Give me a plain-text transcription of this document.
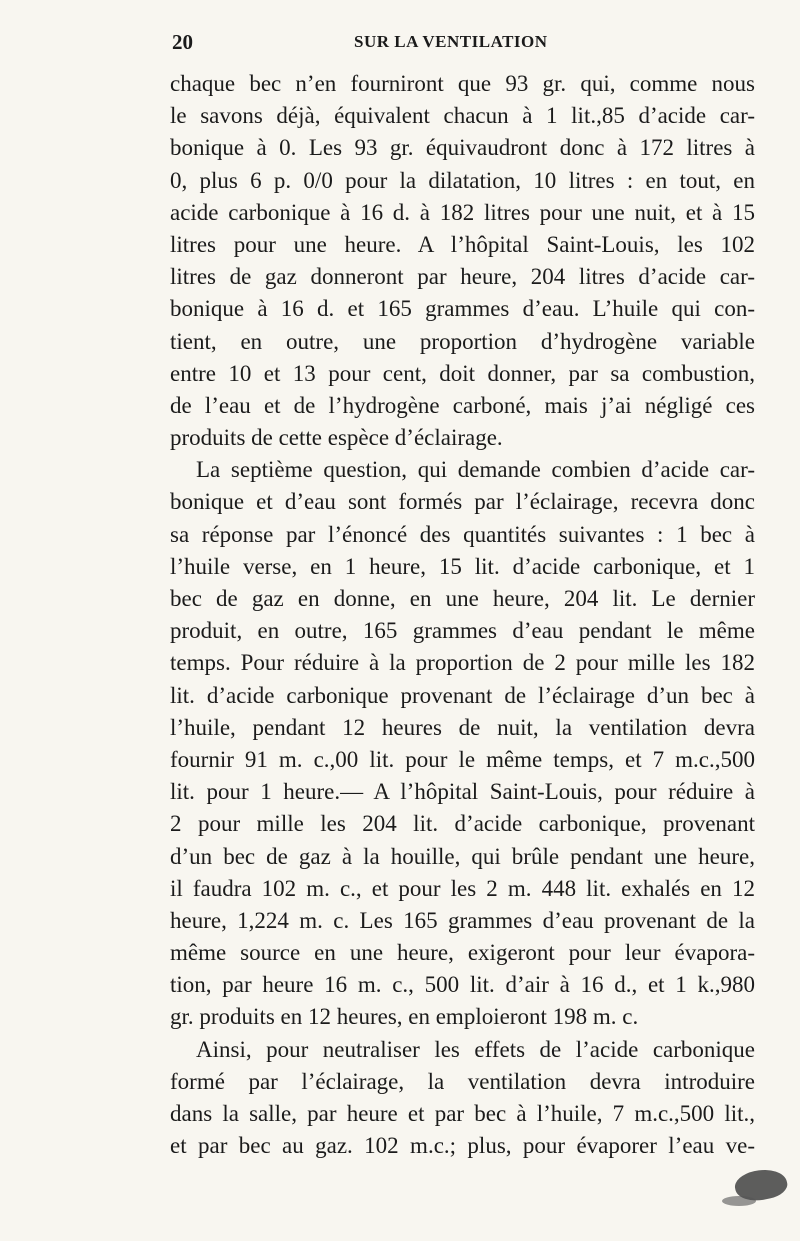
20	SUR LA VENTILATION
chaque bec n’en fourniront que 93 gr. qui, comme nous
le savons déjà, équivalent chacun à 1 lit.,85 d’acide car-
bonique à 0. Les 93 gr. équivaudront donc à 172 litres à
0, plus 6 p. 0/0 pour la dilatation, 10 litres : en tout, en
acide carbonique à 16 d. à 182 litres pour une nuit, et à 15
litres pour une heure. A l’hôpital Saint-Louis, les 102
litres de gaz donneront par heure, 204 litres d’acide car-
bonique à 16 d. et 165 grammes d’eau. L’huile qui con-
tient, en outre, une proportion d’hydrogène variable
entre 10 et 13 pour cent, doit donner, par sa combustion,
de l’eau et de l’hydrogène carboné, mais j’ai négligé ces
produits de cette espèce d’éclairage.
La septième question, qui demande combien d’acide car-
bonique et d’eau sont formés par l’éclairage, recevra donc
sa réponse par l’énoncé des quantités suivantes : 1 bec à
l’huile verse, en 1 heure, 15 lit. d’acide carbonique, et 1
bec de gaz en donne, en une heure, 204 lit. Le dernier
produit, en outre, 165 grammes d’eau pendant le même
temps. Pour réduire à la proportion de 2 pour mille les 182
lit. d’acide carbonique provenant de l’éclairage d’un bec à
l’huile, pendant 12 heures de nuit, la ventilation devra
fournir 91 m. c.,00 lit. pour le même temps, et 7 m.c.,500
lit. pour 1 heure.— A l’hôpital Saint-Louis, pour réduire à
2 pour mille les 204 lit. d’acide carbonique, provenant
d’un bec de gaz à la houille, qui brûle pendant une heure,
il faudra 102 m. c., et pour les 2 m. 448 lit. exhalés en 12
heure, 1,224 m. c. Les 165 grammes d’eau provenant de la
même source en une heure, exigeront pour leur évapora-
tion, par heure 16 m. c., 500 lit. d’air à 16 d., et 1 k.,980
gr. produits en 12 heures, en emploieront 198 m. c.
Ainsi, pour neutraliser les effets de l’acide carbonique
formé par l’éclairage, la ventilation devra introduire
dans la salle, par heure et par bec à l’huile, 7 m.c.,500 lit.,
et par bec au gaz. 102 m.c.; plus, pour évaporer l’eau ve-
